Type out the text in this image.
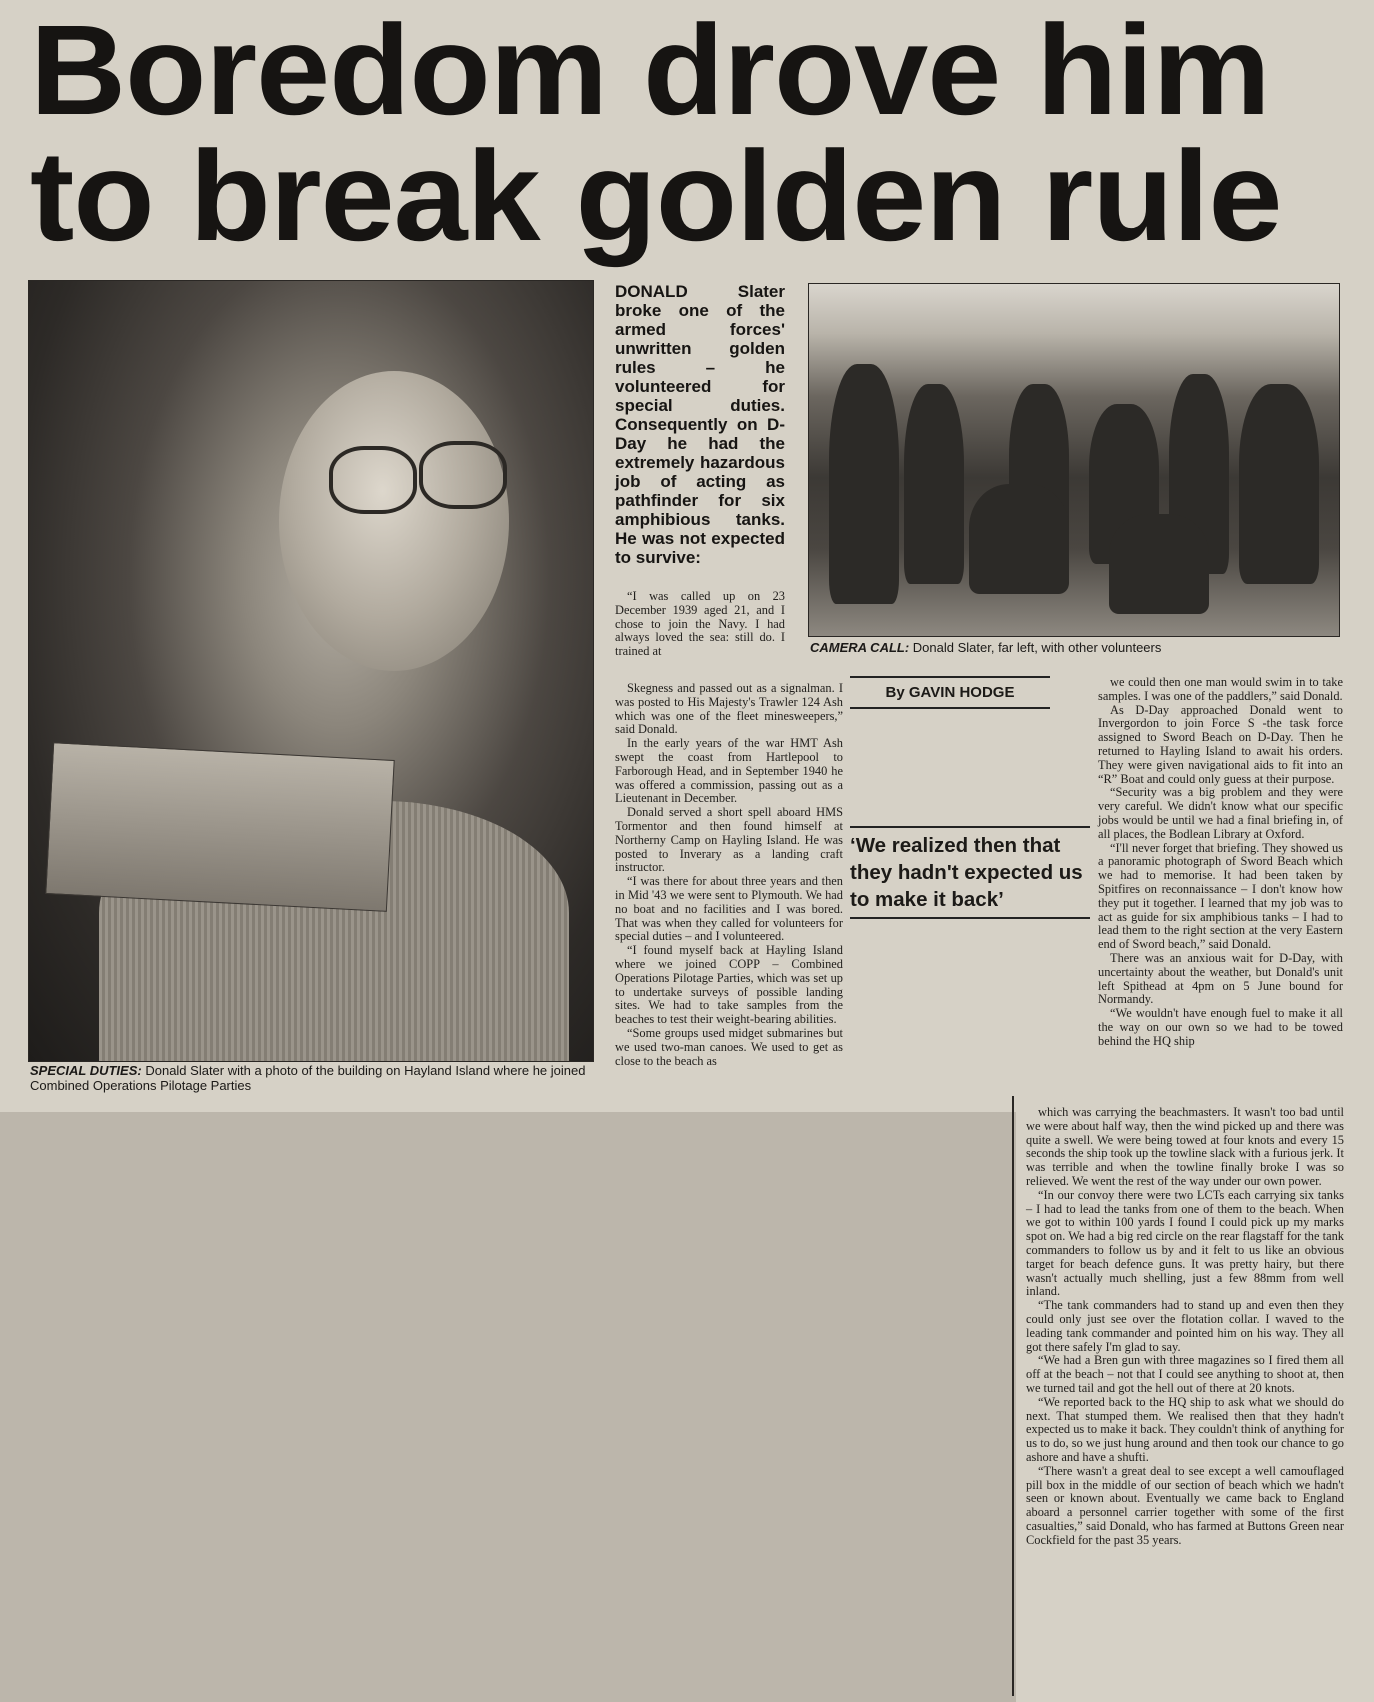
Boredom drove him
to break golden rule
SPECIAL DUTIES: Donald Slater with a photo of the building on Hayland Island where he joined Combined Operations Pilotage Parties
DONALD Slater broke one of the armed forces' unwritten golden rules – he volunteered for special duties. Consequently on D-Day he had the extremely hazardous job of acting as pathfinder for six amphibious tanks. He was not expected to survive:

“I was called up on 23 December 1939 aged 21, and I chose to join the Navy. I had always loved the sea: still do. I trained at	CAMERA CALL: Donald Slater, far left, with other volunteers
By GAVIN HODGE

Skegness and passed out as a signalman. I was posted to His Majesty's Trawler 124 Ash which was one of the fleet minesweepers,” said Donald.

In the early years of the war HMT Ash swept the coast from Hartlepool to Farborough Head, and in September 1940 he was offered a commission, passing out as a Lieutenant in December.

Donald served a short spell aboard HMS Tormentor and then found himself at Northerny Camp on Hayling Island. He was posted to Inverary as a landing craft instructor.

“I was there for about three years and then in Mid '43 we were sent to Plymouth. We had no boat and no facilities and I was bored. That was when they called for volunteers for special duties – and I volunteered.

“I found myself back at Hayling Island where we joined COPP – Combined Operations Pilotage Parties, which was set up to undertake surveys of possible landing sites. We had to take samples from the beaches to test their weight-bearing abilities.

“Some groups used midget submarines but we used two-man canoes. We used to get as close to the beach as

‘We realized then that they hadn't expected us to make it back’

we could then one man would swim in to take samples. I was one of the paddlers,” said Donald.

As D-Day approached Donald went to Invergordon to join Force S -the task force assigned to Sword Beach on D-Day. Then he returned to Hayling Island to await his orders. They were given navigational aids to fit into an “R” Boat and could only guess at their purpose.

“Security was a big problem and they were very careful. We didn't know what our specific jobs would be until we had a final briefing in, of all places, the Bodlean Library at Oxford.

“I'll never forget that briefing. They showed us a panoramic photograph of Sword Beach which we had to memorise. It had been taken by Spitfires on reconnaissance – I don't know how they put it together. I learned that my job was to act as guide for six amphibious tanks – I had to lead them to the right section at the very Eastern end of Sword beach,” said Donald.

There was an anxious wait for D-Day, with uncertainty about the weather, but Donald's unit left Spithead at 4pm on 5 June bound for Normandy.

“We wouldn't have enough fuel to make it all the way on our own so we had to be towed behind the HQ ship

which was carrying the beachmasters. It wasn't too bad until we were about half way, then the wind picked up and there was quite a swell. We were being towed at four knots and every 15 seconds the ship took up the towline slack with a furious jerk. It was terrible and when the towline finally broke I was so relieved. We went the rest of the way under our own power.

“In our convoy there were two LCTs each carrying six tanks – I had to lead the tanks from one of them to the beach. When we got to within 100 yards I found I could pick up my marks spot on. We had a big red circle on the rear flagstaff for the tank commanders to follow us by and it felt to us like an obvious target for beach defence guns. It was pretty hairy, but there wasn't actually much shelling, just a few 88mm from well inland.

“The tank commanders had to stand up and even then they could only just see over the flotation collar. I waved to the leading tank commander and pointed him on his way. They all got there safely I'm glad to say.

“We had a Bren gun with three magazines so I fired them all off at the beach – not that I could see anything to shoot at, then we turned tail and got the hell out of there at 20 knots.

“We reported back to the HQ ship to ask what we should do next. That stumped them. We realised then that they hadn't expected us to make it back. They couldn't think of anything for us to do, so we just hung around and then took our chance to go ashore and have a shufti.

“There wasn't a great deal to see except a well camouflaged pill box in the middle of our section of beach which we hadn't seen or known about. Eventually we came back to England aboard a personnel carrier together with some of the first casualties,” said Donald, who has farmed at Buttons Green near Cockfield for the past 35 years.
